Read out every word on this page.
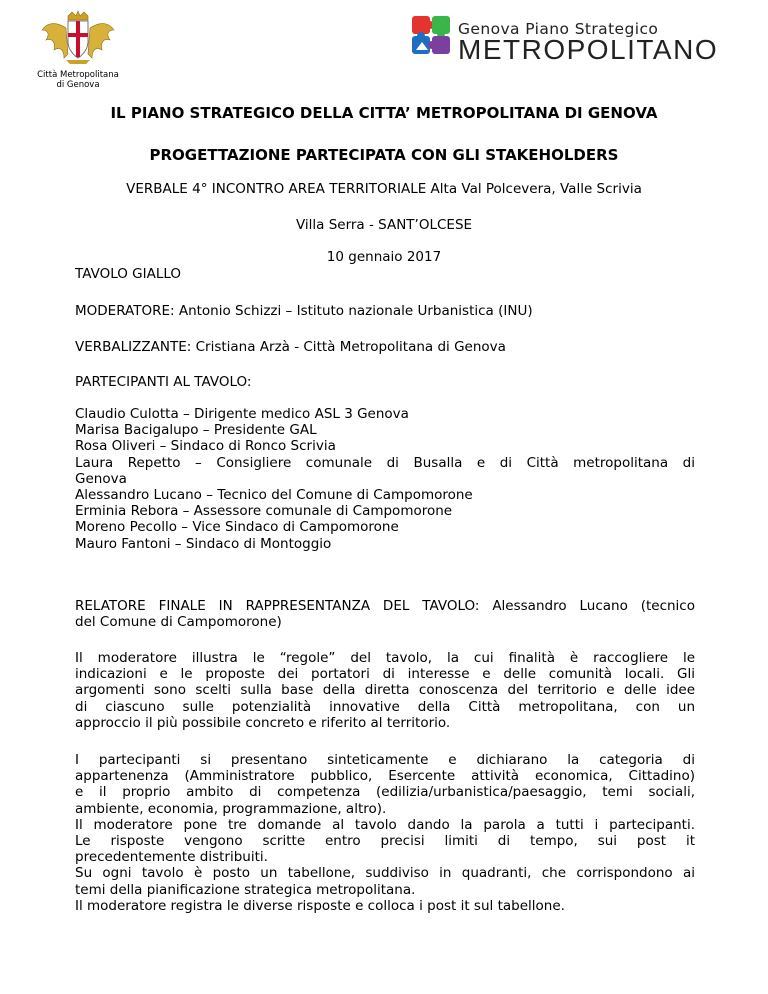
Città Metropolitana
di Genova
Genova Piano Strategico
METROPOLITANO
IL PIANO STRATEGICO DELLA CITTA’ METROPOLITANA DI GENOVA
PROGETTAZIONE PARTECIPATA CON GLI STAKEHOLDERS
VERBALE 4° INCONTRO AREA TERRITORIALE Alta Val Polcevera, Valle Scrivia
Villa Serra - SANT’OLCESE
10 gennaio 2017
TAVOLO GIALLO
MODERATORE: Antonio Schizzi – Istituto nazionale Urbanistica (INU)
VERBALIZZANTE: Cristiana Arzà - Città Metropolitana di Genova
PARTECIPANTI AL TAVOLO:
Claudio Culotta – Dirigente medico ASL 3 Genova
Marisa Bacigalupo – Presidente GAL
Rosa Oliveri – Sindaco di Ronco Scrivia
Laura Repetto – Consigliere comunale di Busalla e di Città metropolitana di
Genova
Alessandro Lucano – Tecnico del Comune di Campomorone
Erminia Rebora – Assessore comunale di Campomorone
Moreno Pecollo – Vice Sindaco di Campomorone
Mauro Fantoni – Sindaco di Montoggio
RELATORE FINALE IN RAPPRESENTANZA DEL TAVOLO: Alessandro Lucano (tecnico
del Comune di Campomorone)
Il moderatore illustra le “regole” del tavolo, la cui finalità è raccogliere le
indicazioni e le proposte dei portatori di interesse e delle comunità locali. Gli
argomenti sono scelti sulla base della diretta conoscenza del territorio e delle idee
di ciascuno sulle potenzialità innovative della Città metropolitana, con un
approccio il più possibile concreto e riferito al territorio.
I partecipanti si presentano sinteticamente e dichiarano la categoria di
appartenenza (Amministratore pubblico, Esercente attività economica, Cittadino)
e il proprio ambito di competenza (edilizia/urbanistica/paesaggio, temi sociali,
ambiente, economia, programmazione, altro).
Il moderatore pone tre domande al tavolo dando la parola a tutti i partecipanti.
Le risposte vengono scritte entro precisi limiti di tempo, sui post it
precedentemente distribuiti.
Su ogni tavolo è posto un tabellone, suddiviso in quadranti, che corrispondono ai
temi della pianificazione strategica metropolitana.
Il moderatore registra le diverse risposte e colloca i post it sul tabellone.
